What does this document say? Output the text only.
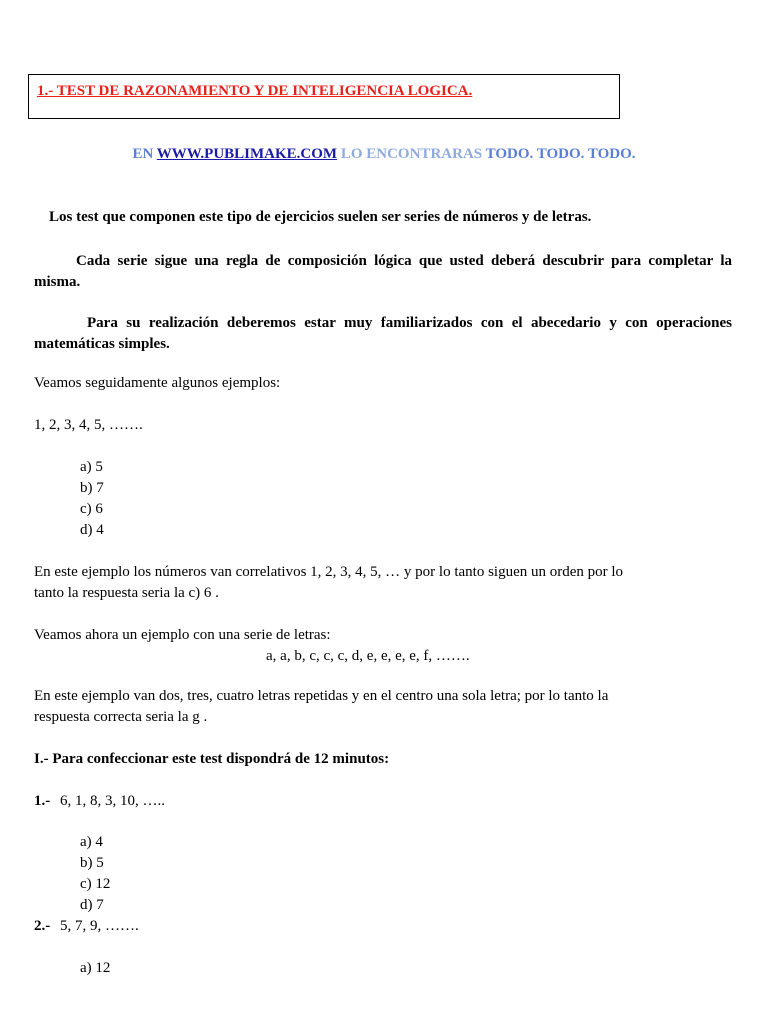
1.- TEST DE RAZONAMIENTO Y DE INTELIGENCIA LOGICA.
EN WWW.PUBLIMAKE.COM LO ENCONTRARAS TODO. TODO. TODO.
Los test que componen este tipo de ejercicios suelen ser series de números y de letras.
Cada serie sigue una regla de composición lógica que usted deberá descubrir para completar la misma.
Para su realización deberemos estar muy familiarizados con el abecedario y con operaciones matemáticas simples.
Veamos seguidamente algunos ejemplos:
1, 2, 3, 4, 5, …….
a) 5
b) 7
c) 6
d) 4
En este ejemplo los números van correlativos 1, 2, 3, 4, 5, … y por lo tanto siguen un orden por lo
tanto la respuesta seria la c) 6 .
Veamos ahora un ejemplo con una serie de letras:
a, a, b, c, c, c, d, e, e, e, e, f, …….
En este ejemplo van dos, tres, cuatro letras repetidas y en el centro una sola letra; por lo tanto la
respuesta correcta seria la g .
I.- Para confeccionar este test dispondrá de 12 minutos:
1.- 6, 1, 8, 3, 10, …..
a) 4
b) 5
c) 12
d) 7
2.- 5, 7, 9, …….
a) 12
